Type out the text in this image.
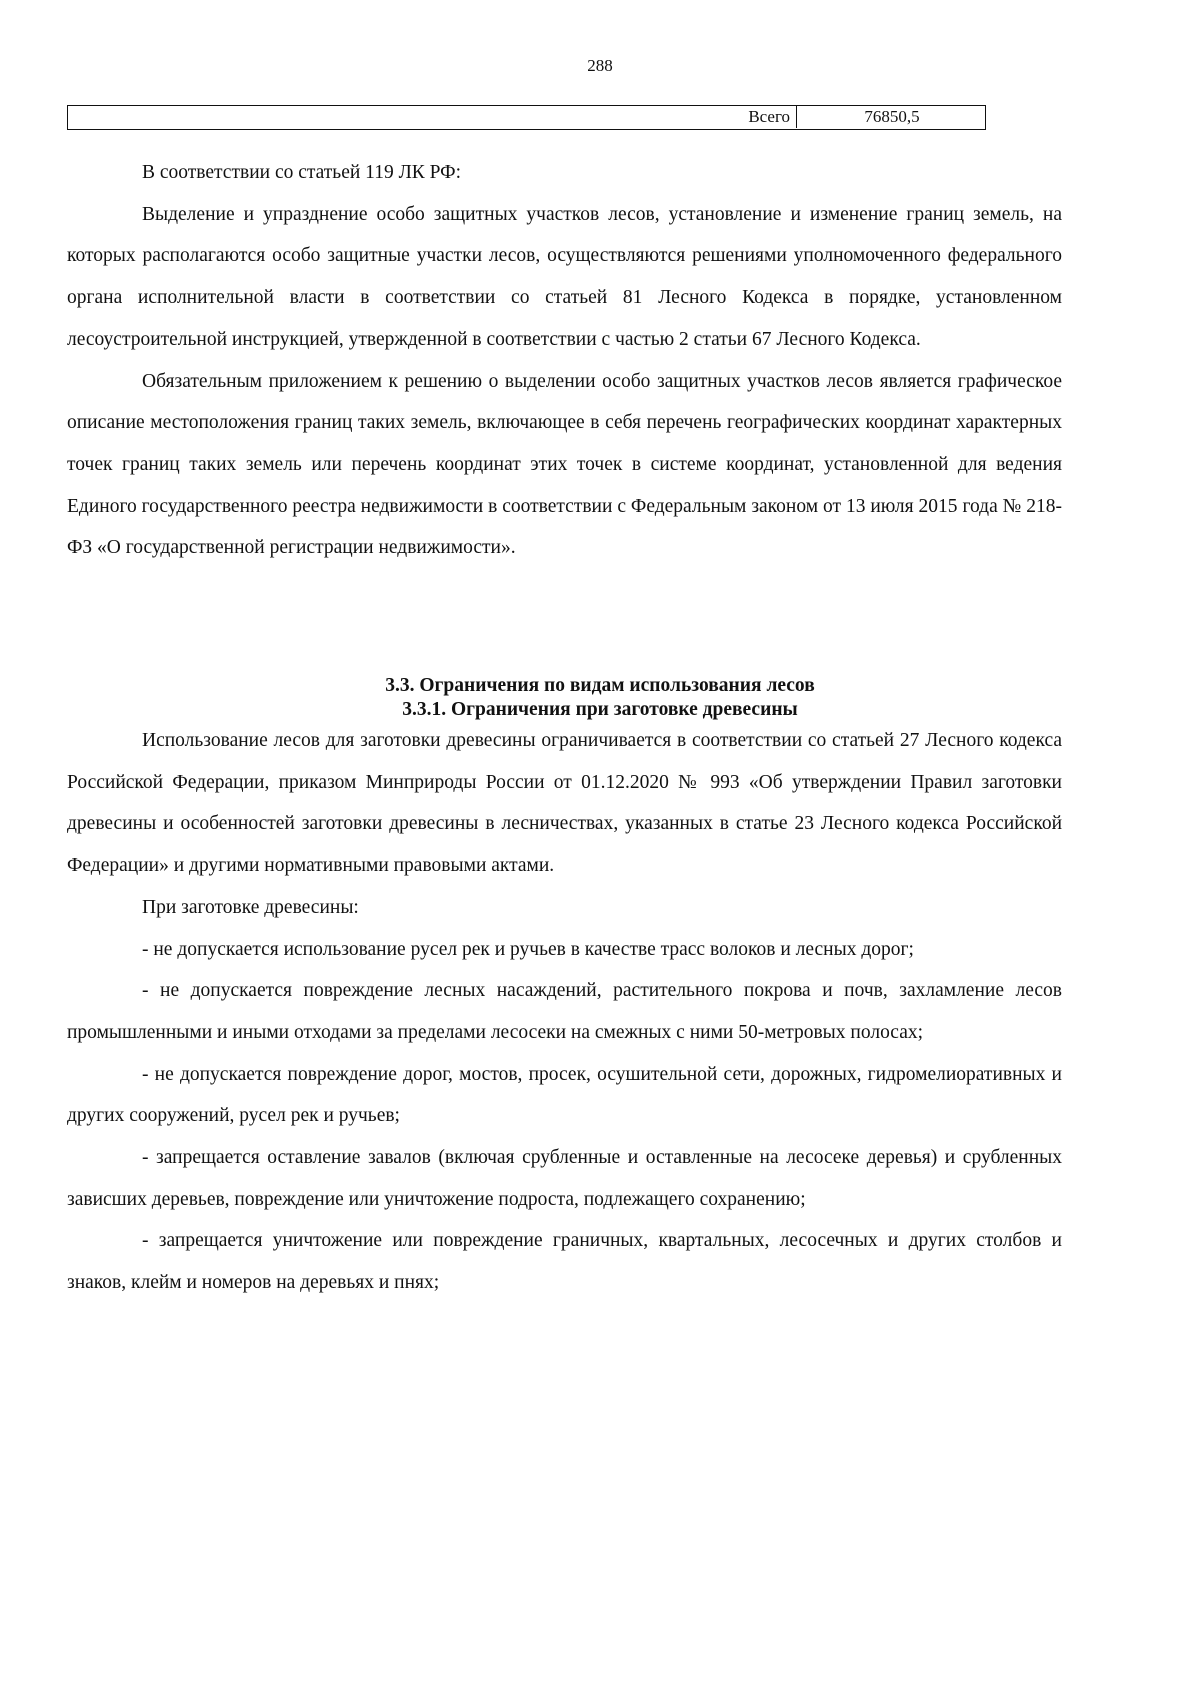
288
Всего	76850,5

В соответствии со статьей 119 ЛК РФ:

Выделение и упразднение особо защитных участков лесов, установление и изменение границ земель, на которых располагаются особо защитные участки лесов, осуществляются решениями уполномоченного федерального органа исполнительной власти в соответствии со статьей 81 Лесного Кодекса в порядке, установленном лесоустроительной инструкцией, утвержденной в соответствии с частью 2 статьи 67 Лесного Кодекса.

Обязательным приложением к решению о выделении особо защитных участков лесов является графическое описание местоположения границ таких земель, включающее в себя перечень географических координат характерных точек границ таких земель или перечень координат этих точек в системе координат, установленной для ведения Единого государственного реестра недвижимости в соответствии с Федеральным законом от 13 июля 2015 года № 218-ФЗ «О государственной регистрации недвижимости».

3.3. Ограничения по видам использования лесов
3.3.1. Ограничения при заготовке древесины

Использование лесов для заготовки древесины ограничивается в соответствии со статьей 27 Лесного кодекса Российской Федерации, приказом Минприроды России от 01.12.2020 № 993 «Об утверждении Правил заготовки древесины и особенностей заготовки древесины в лесничествах, указанных в статье 23 Лесного кодекса Российской Федерации» и другими нормативными правовыми актами.

При заготовке древесины:

- не допускается использование русел рек и ручьев в качестве трасс волоков и лесных дорог;

- не допускается повреждение лесных насаждений, растительного покрова и почв, захламление лесов промышленными и иными отходами за пределами лесосеки на смежных с ними 50-метровых полосах;

- не допускается повреждение дорог, мостов, просек, осушительной сети, дорожных, гидромелиоративных и других сооружений, русел рек и ручьев;

- запрещается оставление завалов (включая срубленные и оставленные на лесосеке деревья) и срубленных зависших деревьев, повреждение или уничтожение подроста, подлежащего сохранению;

- запрещается уничтожение или повреждение граничных, квартальных, лесосечных и других столбов и знаков, клейм и номеров на деревьях и пнях;
